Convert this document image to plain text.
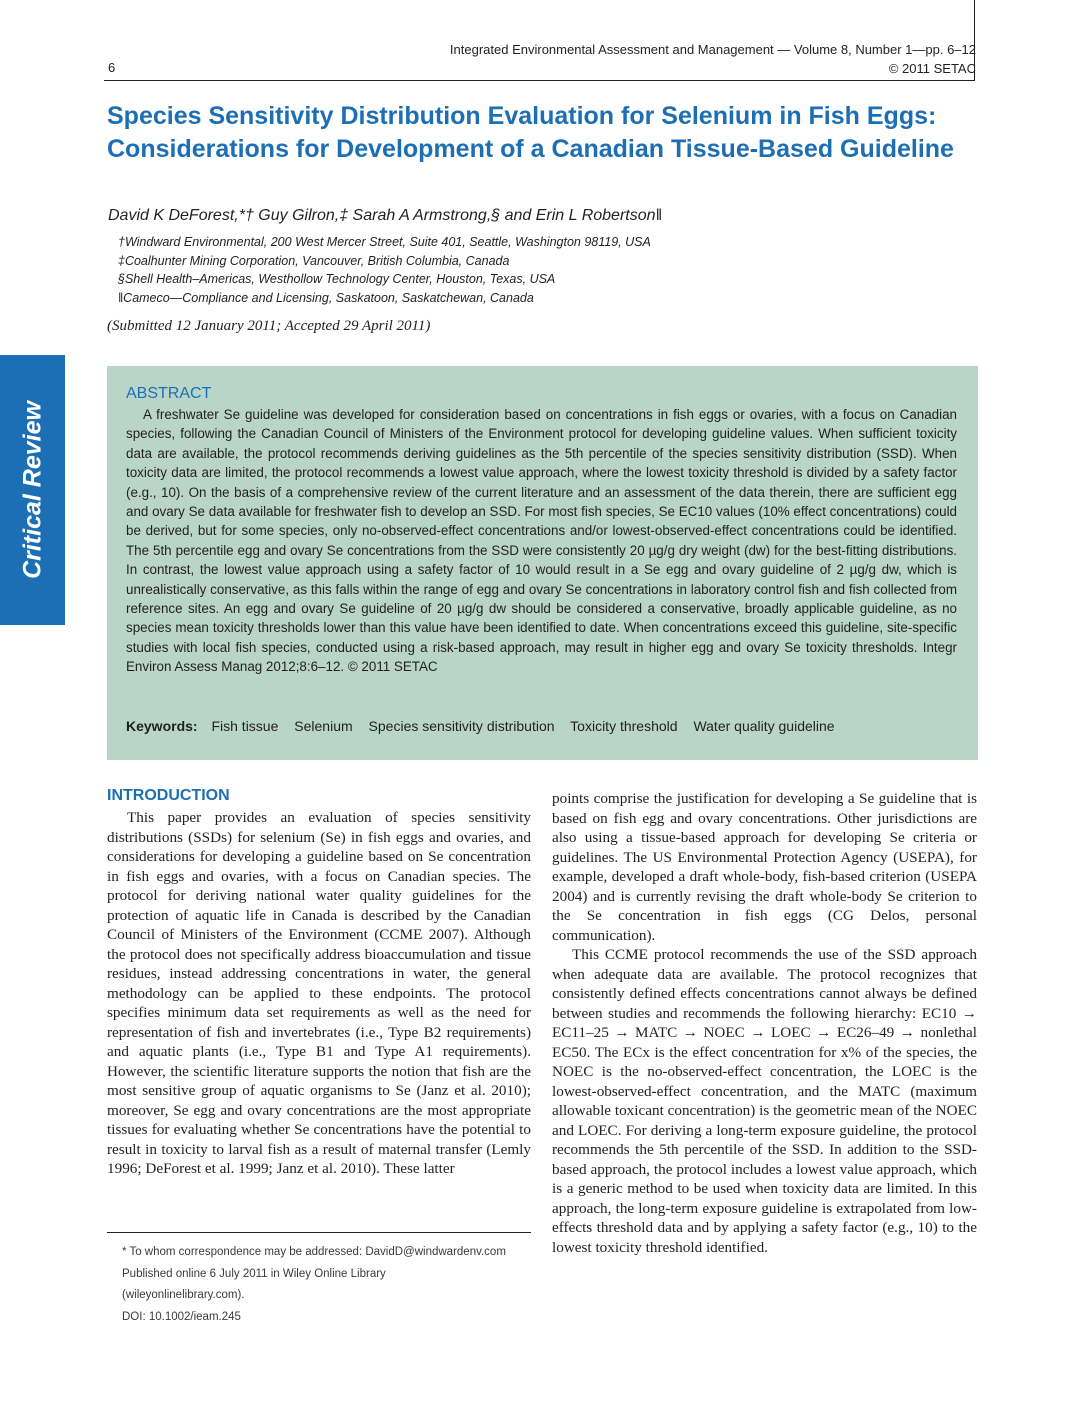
6
Integrated Environmental Assessment and Management — Volume 8, Number 1—pp. 6–12
© 2011 SETAC
Species Sensitivity Distribution Evaluation for Selenium in Fish Eggs: Considerations for Development of a Canadian Tissue-Based Guideline
David K DeForest,*† Guy Gilron,‡ Sarah A Armstrong,§ and Erin L Robertson‖
†Windward Environmental, 200 West Mercer Street, Suite 401, Seattle, Washington 98119, USA
‡Coalhunter Mining Corporation, Vancouver, British Columbia, Canada
§Shell Health–Americas, Westhollow Technology Center, Houston, Texas, USA
‖Cameco—Compliance and Licensing, Saskatoon, Saskatchewan, Canada
(Submitted 12 January 2011; Accepted 29 April 2011)
Critical Review
ABSTRACT

A freshwater Se guideline was developed for consideration based on concentrations in fish eggs or ovaries, with a focus on Canadian species, following the Canadian Council of Ministers of the Environment protocol for developing guideline values. When sufficient toxicity data are available, the protocol recommends deriving guidelines as the 5th percentile of the species sensitivity distribution (SSD). When toxicity data are limited, the protocol recommends a lowest value approach, where the lowest toxicity threshold is divided by a safety factor (e.g., 10). On the basis of a comprehensive review of the current literature and an assessment of the data therein, there are sufficient egg and ovary Se data available for freshwater fish to develop an SSD. For most fish species, Se EC10 values (10% effect concentrations) could be derived, but for some species, only no-observed-effect concentrations and/or lowest-observed-effect concentrations could be identified. The 5th percentile egg and ovary Se concentrations from the SSD were consistently 20 µg/g dry weight (dw) for the best-fitting distributions. In contrast, the lowest value approach using a safety factor of 10 would result in a Se egg and ovary guideline of 2 µg/g dw, which is unrealistically conservative, as this falls within the range of egg and ovary Se concentrations in laboratory control fish and fish collected from reference sites. An egg and ovary Se guideline of 20 µg/g dw should be considered a conservative, broadly applicable guideline, as no species mean toxicity thresholds lower than this value have been identified to date. When concentrations exceed this guideline, site-specific studies with local fish species, conducted using a risk-based approach, may result in higher egg and ovary Se toxicity thresholds. Integr Environ Assess Manag 2012;8:6–12. © 2011 SETAC

Keywords: Fish tissue Selenium Species sensitivity distribution Toxicity threshold Water quality guideline
INTRODUCTION

This paper provides an evaluation of species sensitivity distributions (SSDs) for selenium (Se) in fish eggs and ovaries, and considerations for developing a guideline based on Se concentration in fish eggs and ovaries, with a focus on Canadian species. The protocol for deriving national water quality guidelines for the protection of aquatic life in Canada is described by the Canadian Council of Ministers of the Environment (CCME 2007). Although the protocol does not specifically address bioaccumulation and tissue residues, instead addressing concentrations in water, the general methodology can be applied to these endpoints. The protocol specifies minimum data set requirements as well as the need for representation of fish and invertebrates (i.e., Type B2 requirements) and aquatic plants (i.e., Type B1 and Type A1 requirements). However, the scientific literature supports the notion that fish are the most sensitive group of aquatic organisms to Se (Janz et al. 2010); moreover, Se egg and ovary concentrations are the most appropriate tissues for evaluating whether Se concentrations have the potential to result in toxicity to larval fish as a result of maternal transfer (Lemly 1996; DeForest et al. 1999; Janz et al. 2010). These latter

points comprise the justification for developing a Se guideline that is based on fish egg and ovary concentrations. Other jurisdictions are also using a tissue-based approach for developing Se criteria or guidelines. The US Environmental Protection Agency (USEPA), for example, developed a draft whole-body, fish-based criterion (USEPA 2004) and is currently revising the draft whole-body Se criterion to the Se concentration in fish eggs (CG Delos, personal communication).

This CCME protocol recommends the use of the SSD approach when adequate data are available. The protocol recognizes that consistently defined effects concentrations cannot always be defined between studies and recommends the following hierarchy: EC10 → EC11–25 → MATC → NOEC → LOEC → EC26–49 → nonlethal EC50. The ECx is the effect concentration for x% of the species, the NOEC is the no-observed-effect concentration, the LOEC is the lowest-observed-effect concentration, and the MATC (maximum allowable toxicant concentration) is the geometric mean of the NOEC and LOEC. For deriving a long-term exposure guideline, the protocol recommends the 5th percentile of the SSD. In addition to the SSD-based approach, the protocol includes a lowest value approach, which is a generic method to be used when toxicity data are limited. In this approach, the long-term exposure guideline is extrapolated from low-effects threshold data and by applying a safety factor (e.g., 10) to the lowest toxicity threshold identified.

* To whom correspondence may be addressed: DavidD@windwardenv.com
Published online 6 July 2011 in Wiley Online Library
(wileyonlinelibrary.com).
DOI: 10.1002/ieam.245
